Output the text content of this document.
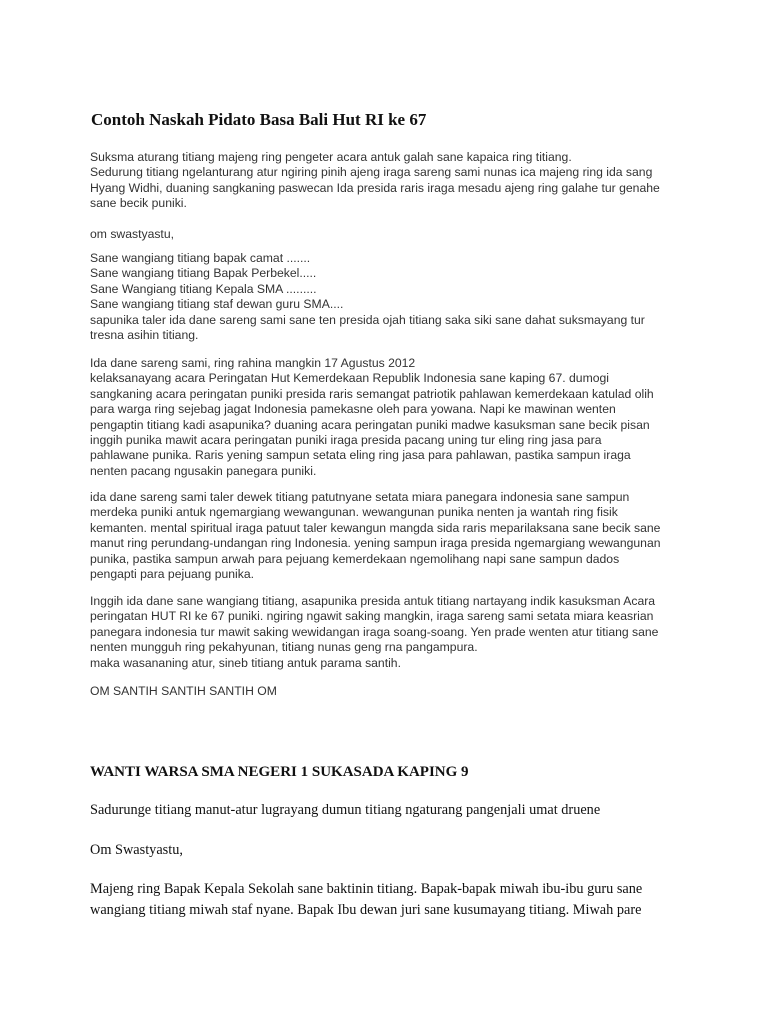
Contoh Naskah Pidato Basa Bali Hut RI ke 67

Suksma aturang titiang majeng ring pengeter acara antuk galah sane kapaica ring titiang.
Sedurung titiang ngelanturang atur ngiring pinih ajeng iraga sareng sami nunas ica majeng ring ida sang
Hyang Widhi, duaning sangkaning paswecan Ida presida raris iraga mesadu ajeng ring galahe tur genahe
sane becik puniki.

om swastyastu,

Sane wangiang titiang bapak camat .......
Sane wangiang titiang Bapak Perbekel.....
Sane Wangiang titiang Kepala SMA .........
Sane wangiang titiang staf dewan guru SMA....
sapunika taler ida dane sareng sami sane ten presida ojah titiang saka siki sane dahat suksmayang tur
tresna asihin titiang.

Ida dane sareng sami, ring rahina mangkin 17 Agustus 2012
kelaksanayang acara Peringatan Hut Kemerdekaan Republik Indonesia sane kaping 67. dumogi
sangkaning acara peringatan puniki presida raris semangat patriotik pahlawan kemerdekaan katulad olih
para warga ring sejebag jagat Indonesia pamekasne oleh para yowana. Napi ke mawinan wenten
pengaptin titiang kadi asapunika? duaning acara peringatan puniki madwe kasuksman sane becik pisan
inggih punika mawit acara peringatan puniki iraga presida pacang uning tur eling ring jasa para
pahlawane punika. Raris yening sampun setata eling ring jasa para pahlawan, pastika sampun iraga
nenten pacang ngusakin panegara puniki.

ida dane sareng sami taler dewek titiang patutnyane setata miara panegara indonesia sane sampun
merdeka puniki antuk ngemargiang wewangunan. wewangunan punika nenten ja wantah ring fisik
kemanten. mental spiritual iraga patuut taler kewangun mangda sida raris meparilaksana sane becik sane
manut ring perundang-undangan ring Indonesia. yening sampun iraga presida ngemargiang wewangunan
punika, pastika sampun arwah para pejuang kemerdekaan ngemolihang napi sane sampun dados
pengapti para pejuang punika.

Inggih ida dane sane wangiang titiang, asapunika presida antuk titiang nartayang indik kasuksman Acara
peringatan HUT RI ke 67 puniki. ngiring ngawit saking mangkin, iraga sareng sami setata miara keasrian
panegara indonesia tur mawit saking wewidangan iraga soang-soang. Yen prade wenten atur titiang sane
nenten mungguh ring pekahyunan, titiang nunas geng rna pangampura.
maka wasananing atur, sineb titiang antuk parama santih.

OM SANTIH SANTIH SANTIH OM

WANTI WARSA SMA NEGERI 1 SUKASADA KAPING 9

Sadurunge titiang manut-atur lugrayang dumun titiang ngaturang pangenjali umat druene

Om Swastyastu,

Majeng ring Bapak Kepala Sekolah sane baktinin titiang. Bapak-bapak miwah ibu-ibu guru sane
wangiang titiang miwah staf nyane. Bapak Ibu dewan juri sane kusumayang titiang. Miwah pare
